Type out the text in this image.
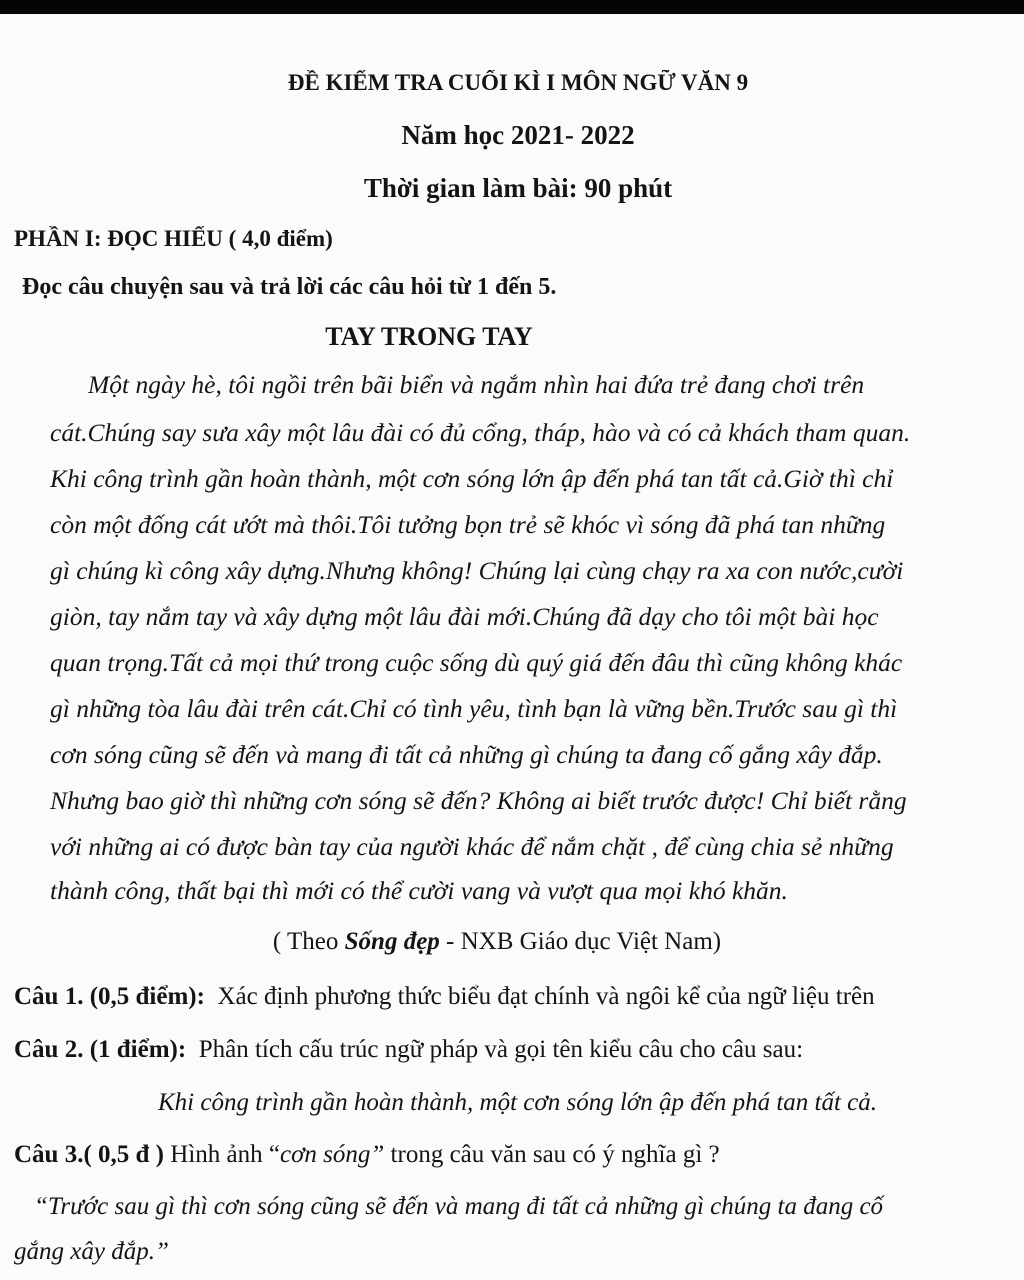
ĐỀ KIỂM TRA CUỐI KÌ I MÔN NGỮ VĂN 9
Năm học 2021- 2022
Thời gian làm bài: 90 phút
PHẦN I: ĐỌC HIỂU ( 4,0 điểm)
Đọc câu chuyện sau và trả lời các câu hỏi từ 1 đến 5.
TAY TRONG TAY
Một ngày hè, tôi ngồi trên bãi biển và ngắm nhìn hai đứa trẻ đang chơi trên
cát.Chúng say sưa xây một lâu đài có đủ cổng, tháp, hào và có cả khách tham quan.
Khi công trình gần hoàn thành, một cơn sóng lớn ập đến phá tan tất cả.Giờ thì chỉ
còn một đống cát ướt mà thôi.Tôi tưởng bọn trẻ sẽ khóc vì sóng đã phá tan những
gì chúng kì công xây dựng.Nhưng không! Chúng lại cùng chạy ra xa con nước,cười
giòn, tay nắm tay và xây dựng một lâu đài mới.Chúng đã dạy cho tôi một bài học
quan trọng.Tất cả mọi thứ trong cuộc sống dù quý giá đến đâu thì cũng không khác
gì những tòa lâu đài trên cát.Chỉ có tình yêu, tình bạn là vững bền.Trước sau gì thì
cơn sóng cũng sẽ đến và mang đi tất cả những gì chúng ta đang cố gắng xây đắp.
Nhưng bao giờ thì những cơn sóng sẽ đến? Không ai biết trước được! Chỉ biết rằng
với những ai có được bàn tay của người khác để nắm chặt , để cùng chia sẻ những
thành công, thất bại thì mới có thể cười vang và vượt qua mọi khó khăn.
( Theo Sống đẹp - NXB Giáo dục Việt Nam)
Câu 1. (0,5 điểm):  Xác định phương thức biểu đạt chính và ngôi kể của ngữ liệu trên
Câu 2. (1 điểm):  Phân tích cấu trúc ngữ pháp và gọi tên kiểu câu cho câu sau:
Khi công trình gần hoàn thành, một cơn sóng lớn ập đến phá tan tất cả.
Câu 3.( 0,5 đ ) Hình ảnh “cơn sóng” trong câu văn sau có ý nghĩa gì ?
“Trước sau gì thì cơn sóng cũng sẽ đến và mang đi tất cả những gì chúng ta đang cố
gắng xây đắp.”
